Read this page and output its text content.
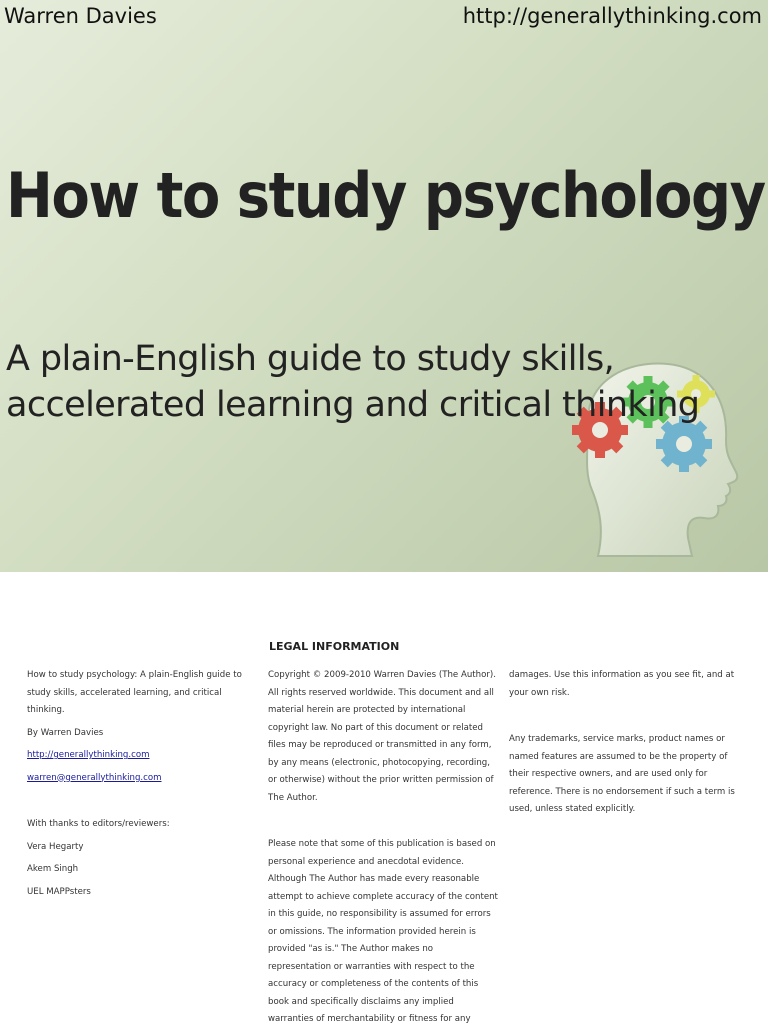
Warren Davies	http://generallythinking.com
How to study psychology
A plain-English guide to study skills,
accelerated learning and critical thinking
LEGAL INFORMATION

How to study psychology: A plain-English guide to study skills, accelerated learning, and critical thinking.

By Warren Davies

http://generallythinking.com

warren@generallythinking.com

With thanks to editors/reviewers:

Vera Hegarty

Akem Singh

UEL MAPPsters

Copyright © 2009-2010 Warren Davies (The Author). All rights reserved worldwide. This document and all material herein are protected by international copyright law. No part of this document or related files may be reproduced or transmitted in any form, by any means (electronic, photocopying, recording, or otherwise) without the prior written permission of The Author.

Please note that some of this publication is based on personal experience and anecdotal evidence. Although The Author has made every reasonable attempt to achieve complete accuracy of the content in this guide, no responsibility is assumed for errors or omissions. The information provided herein is provided "as is." The Author makes no representation or warranties with respect to the accuracy or completeness of the contents of this book and specifically disclaims any implied warranties of merchantability or fitness for any

damages. Use this information as you see fit, and at your own risk.

Any trademarks, service marks, product names or named features are assumed to be the property of their respective owners, and are used only for reference. There is no endorsement if such a term is used, unless stated explicitly.
